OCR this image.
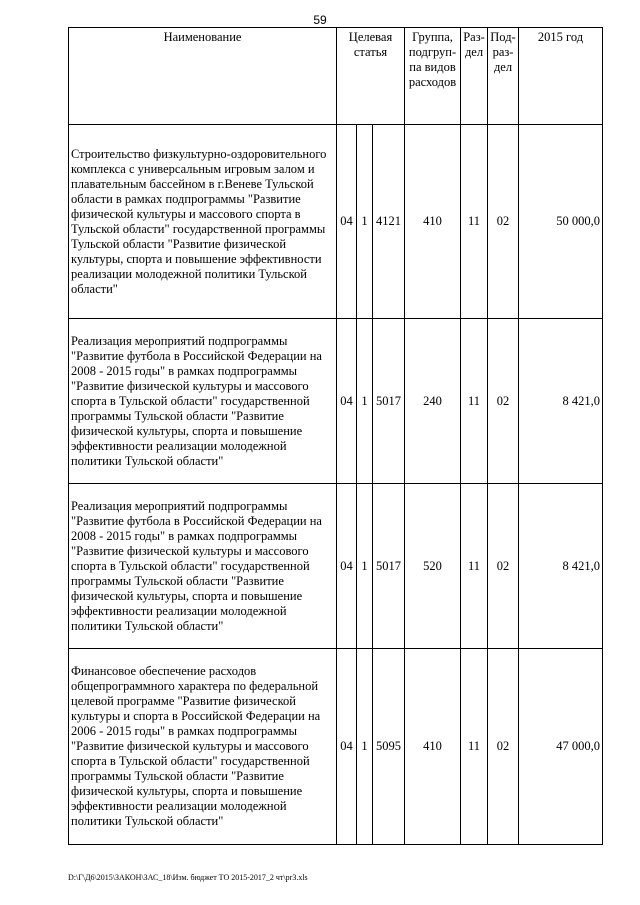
59
Наименование	Целевая статья			Группа, подгруп-па видов расходов	Раз-дел	Под-раз-дел	2015 год
Строительство физкультурно-оздоровительного комплекса с универсальным игровым залом и плавательным бассейном в г.Веневе Тульской области в рамках подпрограммы "Развитие физической культуры и массового спорта в Тульской области" государственной программы Тульской области "Развитие физической культуры, спорта и повышение эффективности реализации молодежной политики Тульской области"	04	1	4121	410	11	02	50 000,0
Реализация мероприятий подпрограммы "Развитие футбола в Российской Федерации на 2008 - 2015 годы" в рамках подпрограммы "Развитие физической культуры и массового спорта в Тульской области" государственной программы Тульской области "Развитие физической культуры, спорта и повышение эффективности реализации молодежной политики Тульской области"	04	1	5017	240	11	02	8 421,0
Реализация мероприятий подпрограммы "Развитие футбола в Российской Федерации на 2008 - 2015 годы" в рамках подпрограммы "Развитие физической культуры и массового спорта в Тульской области" государственной программы Тульской области "Развитие физической культуры, спорта и повышение эффективности реализации молодежной политики Тульской области"	04	1	5017	520	11	02	8 421,0
Финансовое обеспечение расходов общепрограммного характера по федеральной целевой программе "Развитие физической культуры и спорта в Российской Федерации на 2006 - 2015 годы" в рамках подпрограммы "Развитие физической культуры и массового спорта в Тульской области" государственной программы Тульской области "Развитие физической культуры, спорта и повышение эффективности реализации молодежной политики Тульской области"	04	1	5095	410	11	02	47 000,0
D:\Г\Д6\2015\ЗАКОН\ЗАС_18\Изм. бюджет ТО 2015-2017_2 чт\pr3.xls
